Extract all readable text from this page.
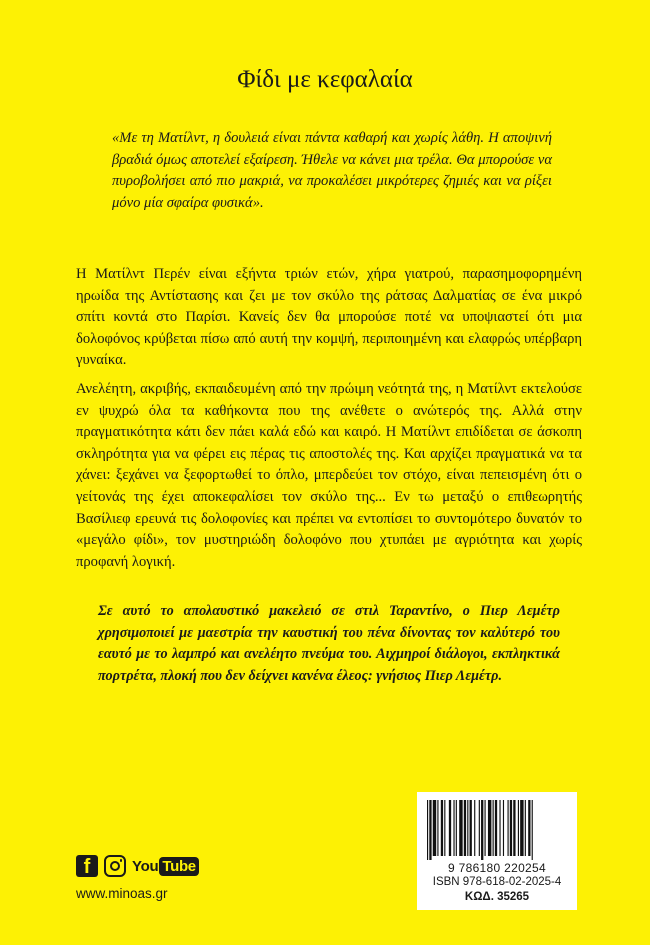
Φίδι με κεφαλαία
«Με τη Ματίλντ, η δουλειά είναι πάντα καθαρή και χωρίς λάθη. Η αποψινή βραδιά όμως αποτελεί εξαίρεση. Ήθελε να κάνει μια τρέλα. Θα μπορούσε να πυροβολήσει από πιο μακριά, να προκαλέσει μικρότερες ζημιές και να ρίξει μόνο μία σφαίρα φυσικά».
Η Ματίλντ Περέν είναι εξήντα τριών ετών, χήρα γιατρού, παρασημοφορημένη ηρωίδα της Αντίστασης και ζει με τον σκύλο της ράτσας Δαλματίας σε ένα μικρό σπίτι κοντά στο Παρίσι. Κανείς δεν θα μπορούσε ποτέ να υποψιαστεί ότι μια δολοφόνος κρύβεται πίσω από αυτή την κομψή, περιποιημένη και ελαφρώς υπέρβαρη γυναίκα.
Ανελέητη, ακριβής, εκπαιδευμένη από την πρώιμη νεότητά της, η Ματίλντ εκτελούσε εν ψυχρώ όλα τα καθήκοντα που της ανέθετε ο ανώτερός της. Αλλά στην πραγματικότητα κάτι δεν πάει καλά εδώ και καιρό. Η Ματίλντ επιδίδεται σε άσκοπη σκληρότητα για να φέρει εις πέρας τις αποστολές της. Και αρχίζει πραγματικά να τα χάνει: ξεχάνει να ξεφορτωθεί το όπλο, μπερδεύει τον στόχο, είναι πεπεισμένη ότι ο γείτονάς της έχει αποκεφαλίσει τον σκύλο της... Εν τω μεταξύ ο επιθεωρητής Βασίλιεφ ερευνά τις δολοφονίες και πρέπει να εντοπίσει το συντομότερο δυνατόν το «μεγάλο φίδι», τον μυστηριώδη δολοφόνο που χτυπάει με αγριότητα και χωρίς προφανή λογική.
Σε αυτό το απολαυστικό μακελειό σε στιλ Ταραντίνο, ο Πιερ Λεμέτρ χρησιμοποιεί με μαεστρία την καυστική του πένα δίνοντας τον καλύτερό του εαυτό με το λαμπρό και ανελέητο πνεύμα του. Αιχμηροί διάλογοι, εκπληκτικά πορτρέτα, πλοκή που δεν δείχνει κανένα έλεος: γνήσιος Πιερ Λεμέτρ.
f	You Tube
www.minoas.gr
9 786180 220254
ISBN 978-618-02-2025-4
ΚΩΔ. 35265
